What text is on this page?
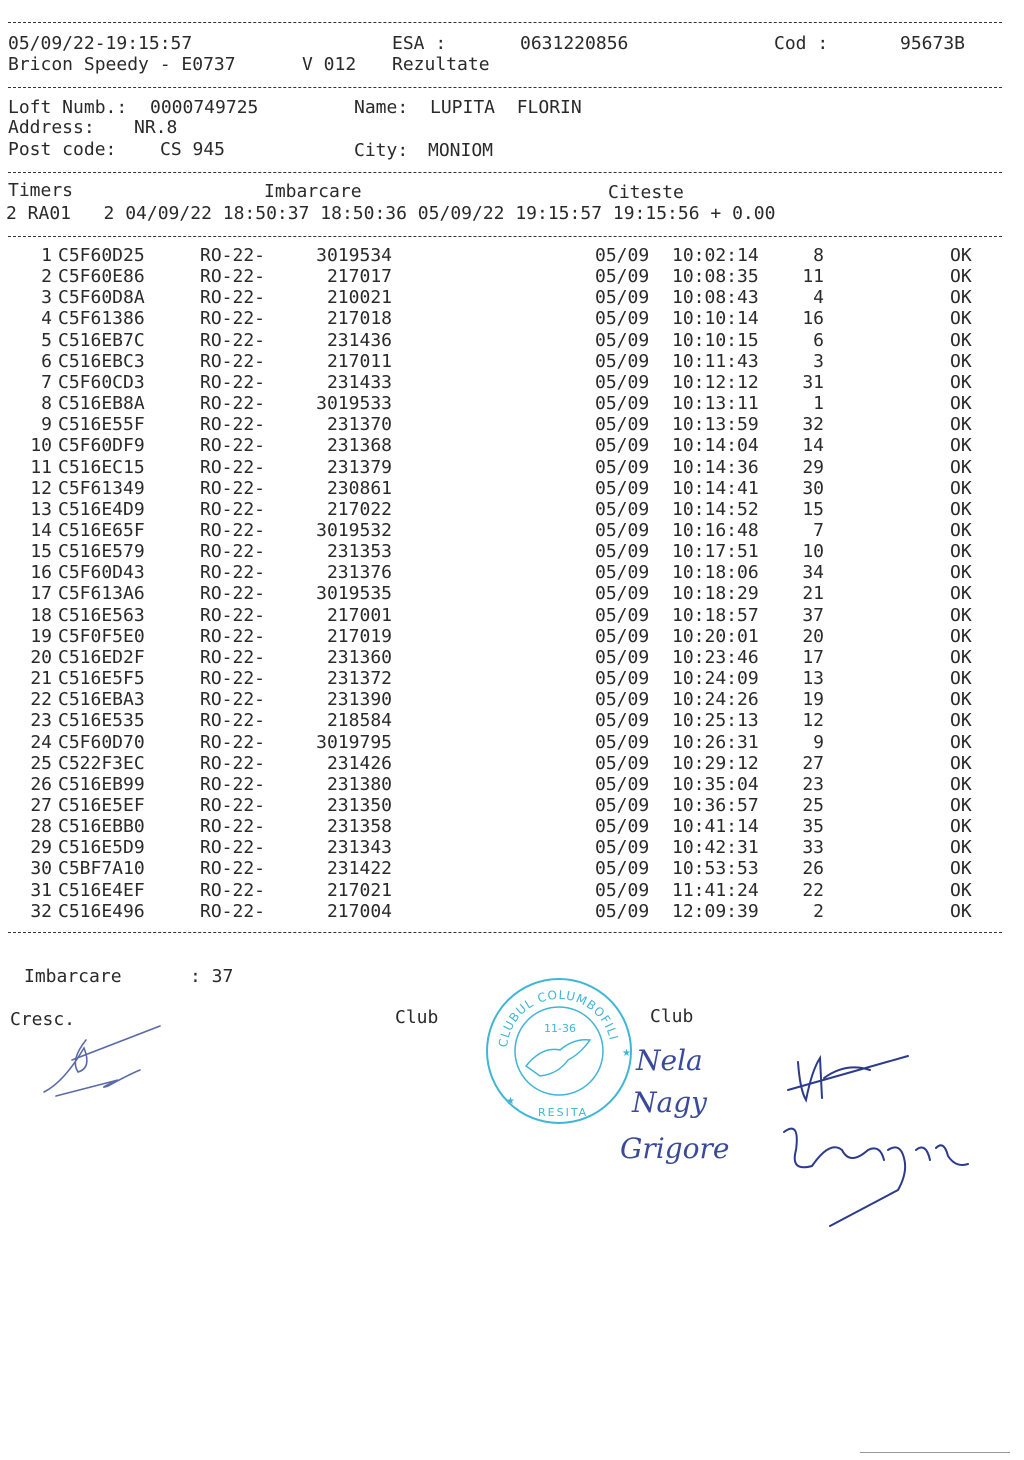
05/09/22-19:15:57	ESA :	0631220856	Cod :	95673B
Bricon Speedy - E0737	V 012 Rezultate
Loft Numb.: 0000749725	Name: LUPITA  FLORIN
Address: NR.8
Post code: CS 945	City: MONIOM
Timers	Imbarcare	Citeste
2 RA01   2 04/09/22 18:50:37 18:50:36 05/09/22 19:15:57 19:15:56 + 0.00
1 C5F60D25	RO-22-	3019534	05/09 10:02:14	8	OK
2 C5F60E86	RO-22-	217017	05/09 10:08:35	11	OK
3 C5F60D8A	RO-22-	210021	05/09 10:08:43	4	OK
4 C5F61386	RO-22-	217018	05/09 10:10:14	16	OK
5 C516EB7C	RO-22-	231436	05/09 10:10:15	6	OK
6 C516EBC3	RO-22-	217011	05/09 10:11:43	3	OK
7 C5F60CD3	RO-22-	231433	05/09 10:12:12	31	OK
8 C516EB8A	RO-22-	3019533	05/09 10:13:11	1	OK
9 C516E55F	RO-22-	231370	05/09 10:13:59	32	OK
10 C5F60DF9	RO-22-	231368	05/09 10:14:04	14	OK
11 C516EC15	RO-22-	231379	05/09 10:14:36	29	OK
12 C5F61349	RO-22-	230861	05/09 10:14:41	30	OK
13 C516E4D9	RO-22-	217022	05/09 10:14:52	15	OK
14 C516E65F	RO-22-	3019532	05/09 10:16:48	7	OK
15 C516E579	RO-22-	231353	05/09 10:17:51	10	OK
16 C5F60D43	RO-22-	231376	05/09 10:18:06	34	OK
17 C5F613A6	RO-22-	3019535	05/09 10:18:29	21	OK
18 C516E563	RO-22-	217001	05/09 10:18:57	37	OK
19 C5F0F5E0	RO-22-	217019	05/09 10:20:01	20	OK
20 C516ED2F	RO-22-	231360	05/09 10:23:46	17	OK
21 C516E5F5	RO-22-	231372	05/09 10:24:09	13	OK
22 C516EBA3	RO-22-	231390	05/09 10:24:26	19	OK
23 C516E535	RO-22-	218584	05/09 10:25:13	12	OK
24 C5F60D70	RO-22-	3019795	05/09 10:26:31	9	OK
25 C522F3EC	RO-22-	231426	05/09 10:29:12	27	OK
26 C516EB99	RO-22-	231380	05/09 10:35:04	23	OK
27 C516E5EF	RO-22-	231350	05/09 10:36:57	25	OK
28 C516EBB0	RO-22-	231358	05/09 10:41:14	35	OK
29 C516E5D9	RO-22-	231343	05/09 10:42:31	33	OK
30 C5BF7A10	RO-22-	231422	05/09 10:53:53	26	OK
31 C516E4EF	RO-22-	217021	05/09 11:41:24	22	OK
32 C516E496	RO-22-	217004	05/09 12:09:39	2	OK
Imbarcare	: 37
Cresc.	Club	Club
CLUBUL COLUMBOFILI
11-36
RESITA
★
★ Nela
Nagy
Grigore
